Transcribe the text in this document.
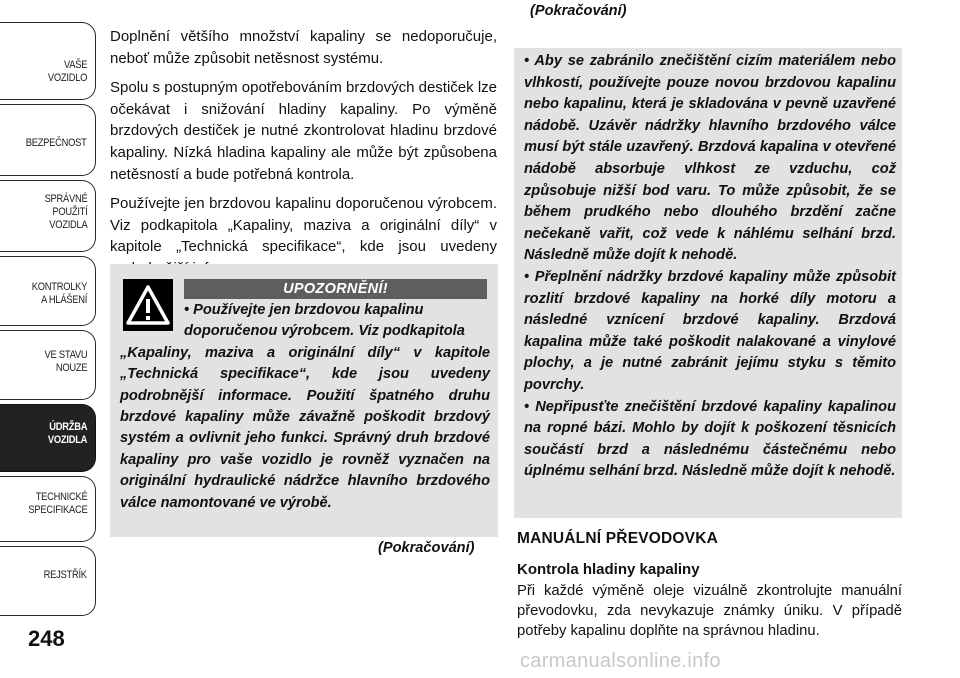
VAŠE
VOZIDLO
BEZPEČNOST
SPRÁVNÉ
POUŽITÍ
VOZIDLA
KONTROLKY
A HLÁŠENÍ
VE STAVU
NOUZE
ÚDRŽBA
VOZIDLA
TECHNICKÉ
SPECIFIKACE
REJSTŘÍK
248

Doplnění většího množství kapaliny se nedoporučuje, neboť může způsobit netěsnost systému.

Spolu s postupným opotřebováním brzdových destiček lze očekávat i snižování hladiny kapaliny. Po výměně brzdových destiček je nutné zkontrolovat hladinu brzdové kapaliny. Nízká hladina kapaliny ale může být způsobena netěsností a bude potřebná kontrola.

Používejte jen brzdovou kapalinu doporučenou výrobcem. Viz podkapitola „Kapaliny, maziva a originální díly“ v kapitole „Technická specifikace“, kde jsou uvedeny

UPOZORNĚNÍ!
• Používejte jen brzdovou kapalinu
doporučenou výrobcem. Viz podkapitola
„Kapaliny, maziva a originální díly“ v kapitole „Technická specifikace“, kde jsou uvedeny podrobnější informace. Použití špatného druhu brzdové kapaliny může závažně poškodit brzdový systém a ovlivnit jeho funkci. Správný druh brzdové kapaliny pro vaše vozidlo je rovněž vyznačen na originální hydraulické nádržce hlavního brzdového válce namontované ve výrobě.
(Pokračování)
(Pokračování)
• Aby se zabránilo znečištění cizím materiálem nebo vlhkostí, používejte pouze novou brzdovou kapalinu nebo kapalinu, která je skladována v pevně uzavřené nádobě. Uzávěr nádržky hlavního brzdového válce musí být stále uzavřený. Brzdová kapalina v otevřené nádobě absorbuje vlhkost ze vzduchu, což způsobuje nižší bod varu. To může způsobit, že se během prudkého nebo dlouhého brzdění začne nečekaně vařit, což vede k náhlému selhání brzd. Následně může dojít k nehodě.
• Přeplnění nádržky brzdové kapaliny může způsobit rozlití brzdové kapaliny na horké díly motoru a následné vznícení brzdové kapaliny. Brzdová kapalina může také poškodit nalakované a vinylové plochy, a je nutné zabránit jejímu styku s těmito povrchy.
• Nepřipusťte znečištění brzdové kapaliny kapalinou na ropné bázi. Mohlo by dojít k poškození těsnicích součástí brzd a následnému částečnému nebo úplnému selhání brzd. Následně může dojít k nehodě.
MANUÁLNÍ PŘEVODOVKA
Kontrola hladiny kapaliny
Při každé výměně oleje vizuálně zkontrolujte manuální převodovku, zda nevykazuje známky úniku. V případě potřeby kapalinu doplňte na správnou hladinu.
carmanualsonline.info
